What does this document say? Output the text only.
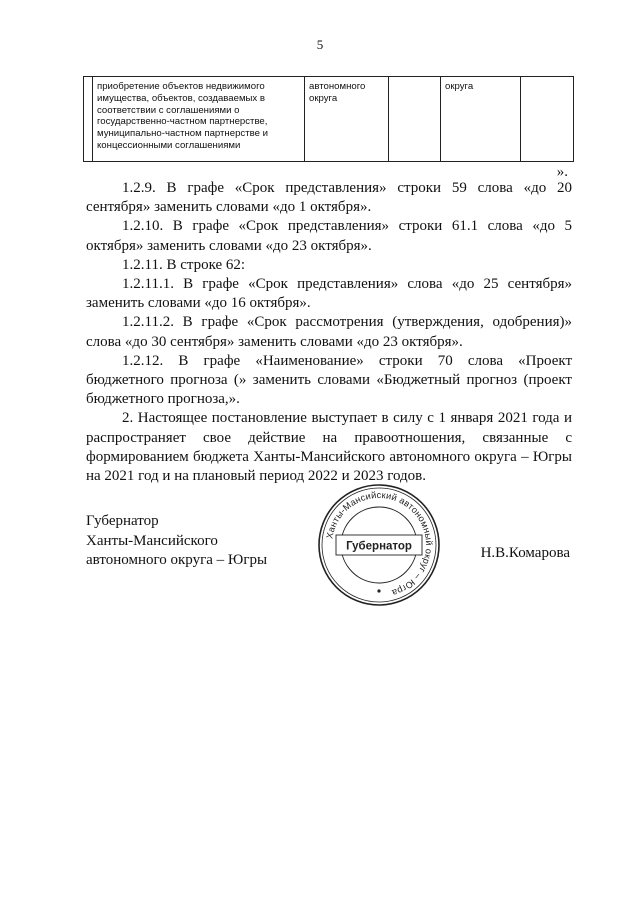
5
	приобретение объектов недвижимого имущества, объектов, создаваемых в соответствии с соглашениями о государственно-частном партнерстве, муниципально-частном партнерстве и концессионными соглашениями	автономного округа		округа	
».

1.2.9. В графе «Срок представления» строки 59 слова «до 20 сентября» заменить словами «до 1 октября».

1.2.10. В графе «Срок представления» строки 61.1 слова «до 5 октября» заменить словами «до 23 октября».

1.2.11. В строке 62:

1.2.11.1. В графе «Срок представления» слова «до 25 сентября» заменить словами «до 16 октября».

1.2.11.2. В графе «Срок рассмотрения (утверждения, одобрения)» слова «до 30 сентября» заменить словами «до 23 октября».

1.2.12. В графе «Наименование» строки 70 слова «Проект бюджетного прогноза (» заменить словами «Бюджетный прогноз (проект бюджетного прогноза,».

2. Настоящее постановление выступает в силу с 1 января 2021 года и распространяет свое действие на правоотношения, связанные с формированием бюджета Ханты-Мансийского автономного округа – Югры на 2021 год и на плановый период 2022 и 2023 годов.

Губернатор
Ханты-Мансийского
автономного округа – Югры	Н.В.Комарова
Ханты-Мансийский автономный округ – Югра
Губернатор
